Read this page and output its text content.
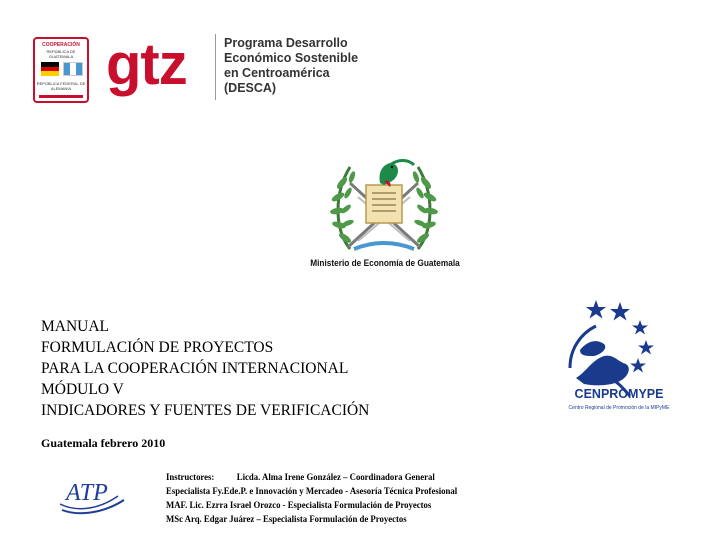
COOPERACIÓN
REPÚBLICA DE GUATEMALA
REPÚBLICA FEDERAL DE ALEMANIA gtz	Programa Desarrollo
Económico Sostenible
en Centroamérica
(DESCA)
Ministerio de Economía de Guatemala
MANUAL
FORMULACIÓN DE PROYECTOS
PARA LA COOPERACIÓN INTERNACIONAL
MÓDULO V
INDICADORES Y FUENTES DE VERIFICACIÓN
Guatemala febrero 2010
CENPROMYPE
Centro Regional de Promoción de la MIPyME
ATP
Instructores: Licda. Alma Irene González – Coordinadora General
Especialista Fy.Ede.P. e Innovación y Mercadeo - Asesoría Técnica Profesional
MAF. Lic. Ezrra Israel Orozco - Especialista Formulación de Proyectos
MSc Arq. Edgar Juárez – Especialista Formulación de Proyectos
